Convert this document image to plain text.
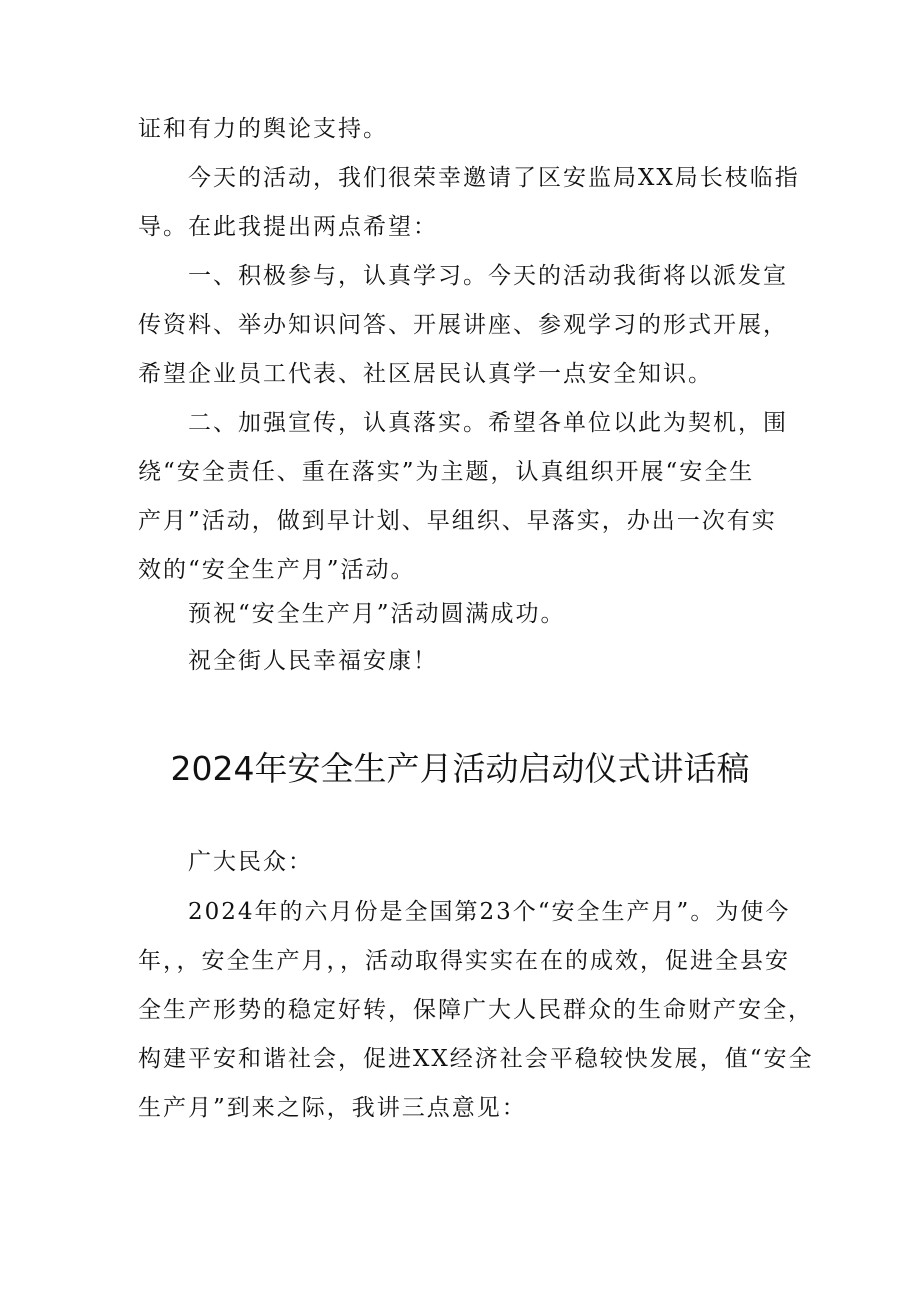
证和有力的舆论支持。
　　今天的活动，我们很荣幸邀请了区安监局XX局长枝临指
导。在此我提出两点希望：
　　一、积极参与，认真学习。今天的活动我街将以派发宣
传资料、举办知识问答、开展讲座、参观学习的形式开展，
希望企业员工代表、社区居民认真学一点安全知识。
　　二、加强宣传，认真落实。希望各单位以此为契机，围
绕“安全责任、重在落实”为主题，认真组织开展“安全生
产月”活动，做到早计划、早组织、早落实，办出一次有实
效的“安全生产月”活动。
　　预祝“安全生产月”活动圆满成功。
　　祝全街人民幸福安康！
2024年安全生产月活动启动仪式讲话稿
　　广大民众：
　　2024年的六月份是全国第23个“安全生产月”。为使今
年，，安全生产月，，活动取得实实在在的成效，促进全县安
全生产形势的稳定好转，保障广大人民群众的生命财产安全，
构建平安和谐社会，促进XX经济社会平稳较快发展，值“安全
生产月”到来之际，我讲三点意见：
